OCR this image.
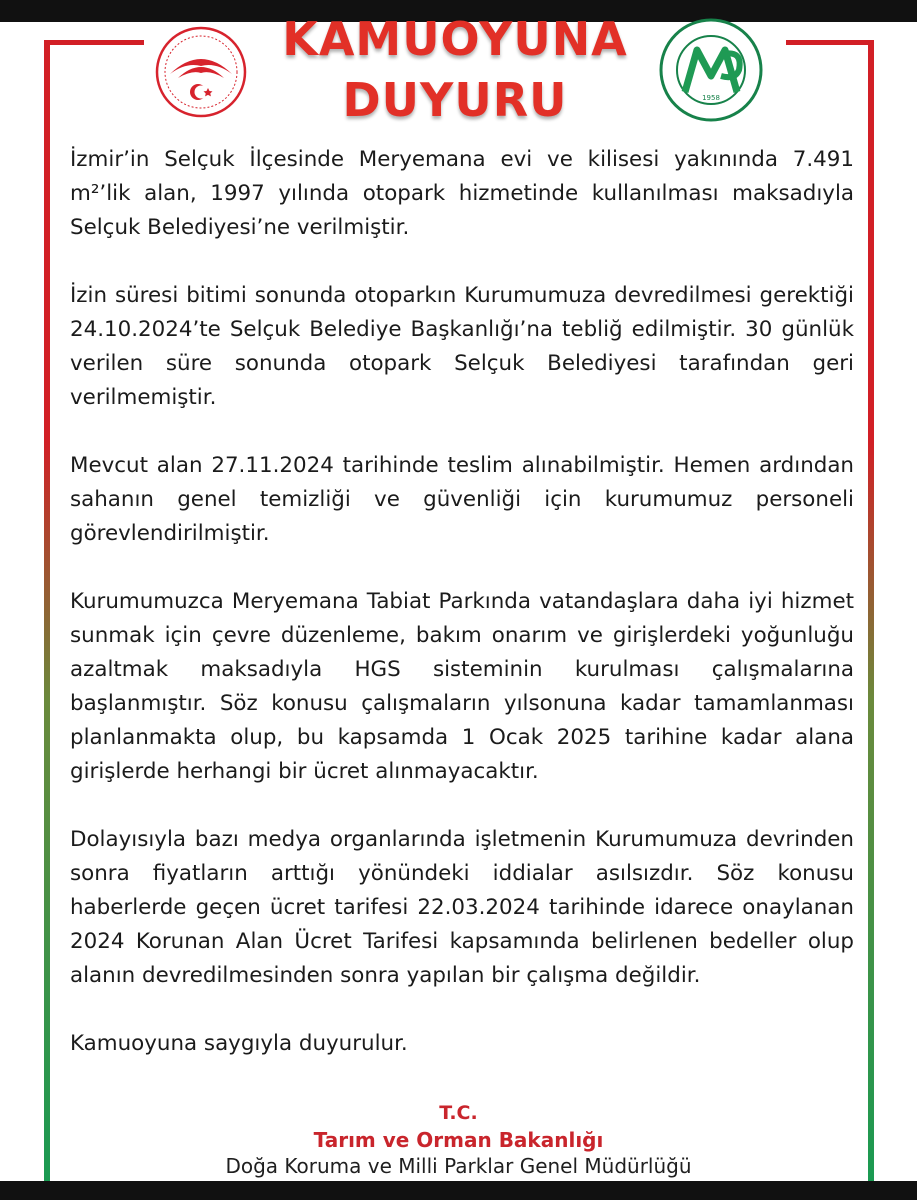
1958
KAMUOYUNA
DUYURU

İzmir’in Selçuk İlçesinde Meryemana evi ve kilisesi yakınında 7.491 m²’lik alan, 1997 yılında otopark hizmetinde kullanılması maksadıyla Selçuk Belediyesi’ne verilmiştir.

İzin süresi bitimi sonunda otoparkın Kurumumuza devredilmesi gerektiği 24.10.2024’te Selçuk Belediye Başkanlığı’na tebliğ edilmiştir. 30 günlük verilen süre sonunda otopark Selçuk Belediyesi tarafından geri verilmemiştir.

Mevcut alan 27.11.2024 tarihinde teslim alınabilmiştir. Hemen ardından sahanın genel temizliği ve güvenliği için kurumumuz personeli görevlendirilmiştir.

Kurumumuzca Meryemana Tabiat Parkında vatandaşlara daha iyi hizmet sunmak için çevre düzenleme, bakım onarım ve girişlerdeki yoğunluğu azaltmak maksadıyla HGS sisteminin kurulması çalışmalarına başlanmıştır. Söz konusu çalışmaların yılsonuna kadar tamamlanması planlanmakta olup, bu kapsamda 1 Ocak 2025 tarihine kadar alana girişlerde herhangi bir ücret alınmayacaktır.

Dolayısıyla bazı medya organlarında işletmenin Kurumumuza devrinden sonra fiyatların arttığı yönündeki iddialar asılsızdır. Söz konusu haberlerde geçen ücret tarifesi 22.03.2024 tarihinde idarece onaylanan 2024 Korunan Alan Ücret Tarifesi kapsamında belirlenen bedeller olup alanın devredilmesinden sonra yapılan bir çalışma değildir.

Kamuoyuna saygıyla duyurulur.

T.C.
Tarım ve Orman Bakanlığı
Doğa Koruma ve Milli Parklar Genel Müdürlüğü
